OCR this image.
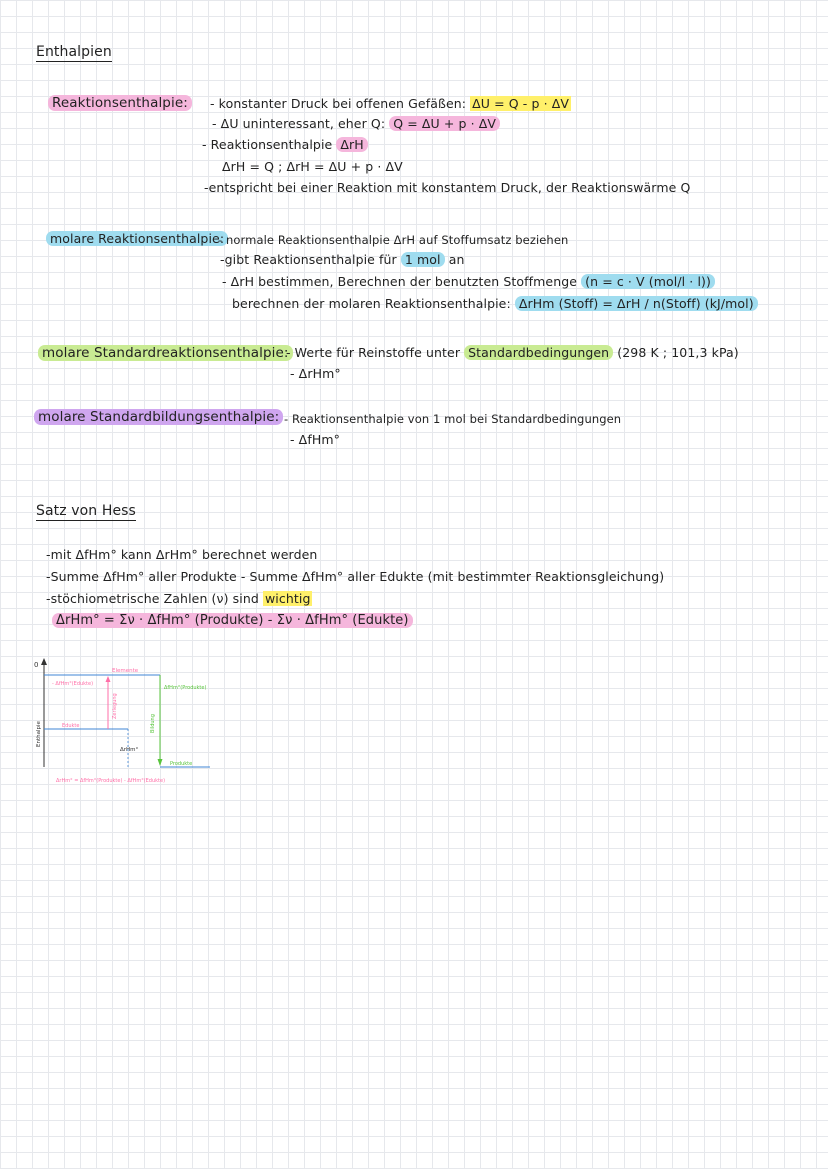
Enthalpien
Reaktionsenthalpie:	- konstanter Druck bei offenen Gefäßen: ΔU = Q - p · ΔV
- ΔU uninteressant, eher Q: Q = ΔU + p · ΔV
- Reaktionsenthalpie ΔrH
ΔrH = Q ; ΔrH = ΔU + p · ΔV
-entspricht bei einer Reaktion mit konstantem Druck, der Reaktionswärme Q
molare Reaktionsenthalpie:
- normale Reaktionsenthalpie ΔrH auf Stoffumsatz beziehen
-gibt Reaktionsenthalpie für 1 mol an
- ΔrH bestimmen, Berechnen der benutzten Stoffmenge (n = c · V (mol/l · l))
berechnen der molaren Reaktionsenthalpie: ΔrHm (Stoff) = ΔrH / n(Stoff) (kJ/mol)
molare Standardreaktionsenthalpie:
- Werte für Reinstoffe unter Standardbedingungen (298 K ; 101,3 kPa)
- ΔrHm°
molare Standardbildungsenthalpie: - Reaktionsenthalpie von 1 mol bei Standardbedingungen
- ΔfHm°
Satz von Hess
-mit ΔfHm° kann ΔrHm° berechnet werden
-Summe ΔfHm° aller Produkte - Summe ΔfHm° aller Edukte (mit bestimmter Reaktionsgleichung)
-stöchiometrische Zahlen (ν) sind wichtig
ΔrHm° = Σν · ΔfHm° (Produkte) - Σν · ΔfHm° (Edukte)
0
Enthalpie
Elemente
Edukte
Produkte
Zerlegung
- ΔfHm°(Edukte)
Bildung
ΔfHm°(Produkte)
ΔrHm°
ΔrHm° = ΔfHm°(Produkte) - ΔfHm°(Edukte)
